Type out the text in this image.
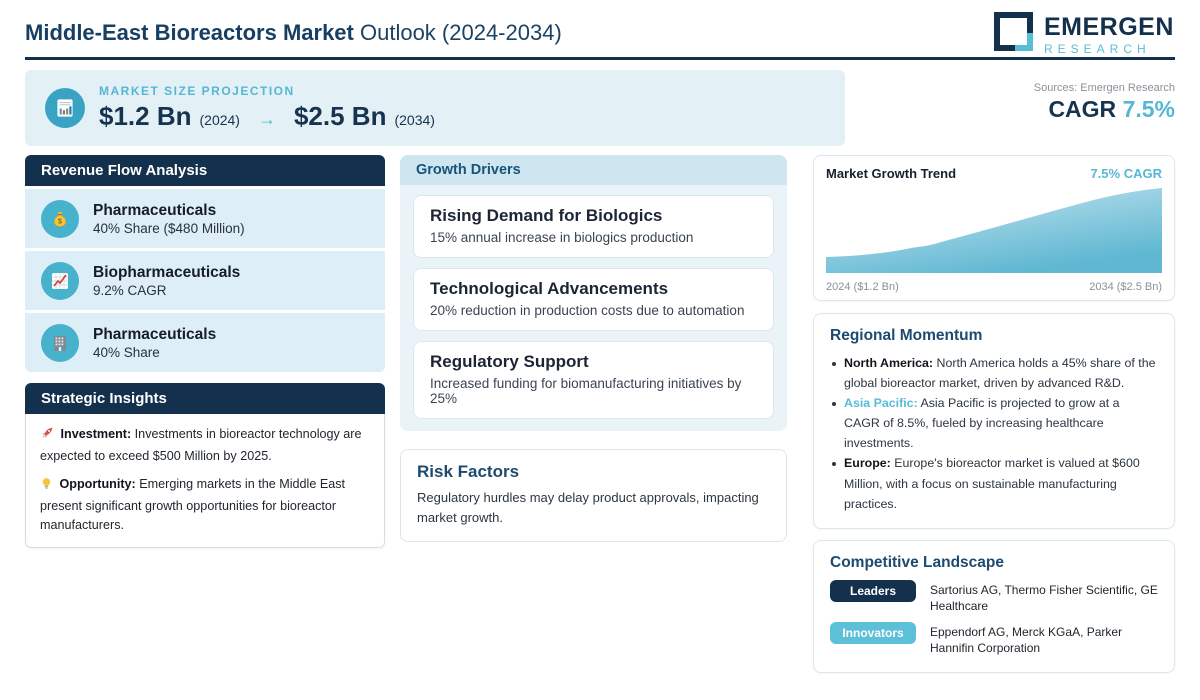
Middle-East Bioreactors Market Outlook (2024-2034)	EMERGEN
RESEARCH
MARKET SIZE PROJECTION
$1.2 Bn (2024) → $2.5 Bn (2034)
Sources: Emergen Research
CAGR 7.5%
Revenue Flow Analysis
$
Pharmaceuticals
40% Share ($480 Million)
Biopharmaceuticals
9.2% CAGR
Pharmaceuticals
40% Share
Strategic Insights

Investment: Investments in bioreactor technology are expected to exceed $500 Million by 2025.

Opportunity: Emerging markets in the Middle East present significant growth opportunities for bioreactor manufacturers.

Growth Drivers
Rising Demand for Biologics
15% annual increase in biologics production
Technological Advancements
20% reduction in production costs due to automation
Regulatory Support
Increased funding for biomanufacturing initiatives by 25%
Risk Factors
Regulatory hurdles may delay product approvals, impacting market growth.
Market Growth Trend	7.5% CAGR
2024 ($1.2 Bn)	2034 ($2.5 Bn)
Regional Momentum
North America: North America holds a 45% share of the global bioreactor market, driven by advanced R&D.
Asia Pacific: Asia Pacific is projected to grow at a CAGR of 8.5%, fueled by increasing healthcare investments.
Europe: Europe's bioreactor market is valued at $600 Million, with a focus on sustainable manufacturing practices.
Competitive Landscape
Leaders	Sartorius AG, Thermo Fisher Scientific, GE Healthcare
Innovators	Eppendorf AG, Merck KGaA, Parker Hannifin Corporation
